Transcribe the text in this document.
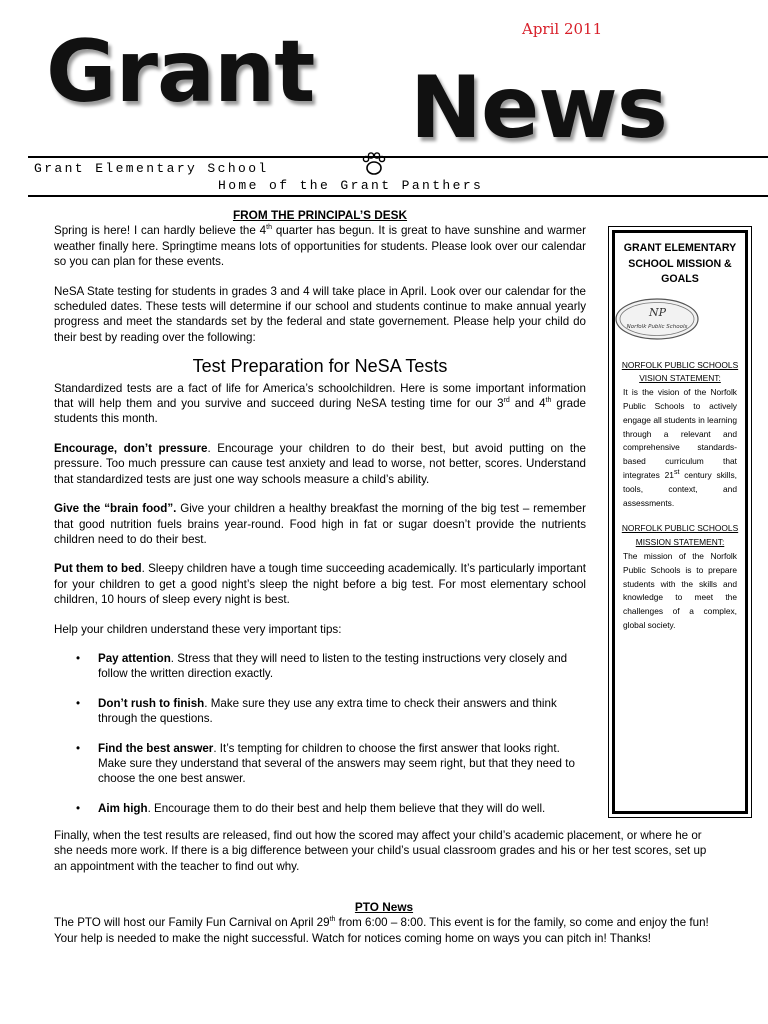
April 2011
Grant News
Grant Elementary School
Home of the Grant Panthers
FROM THE PRINCIPAL’S DESK

Spring is here! I can hardly believe the 4th quarter has begun. It is great to have sunshine and warmer weather finally here. Springtime means lots of opportunities for students. Please look over our calendar so you can plan for these events.

NeSA State testing for students in grades 3 and 4 will take place in April. Look over our calendar for the scheduled dates. These tests will determine if our school and students continue to make annual yearly progress and meet the standards set by the federal and state governement. Please help your child do their best by reading over the following:

Test Preparation for NeSA Tests

Standardized tests are a fact of life for America’s schoolchildren. Here is some important information that will help them and you survive and succeed during NeSA testing time for our 3rd and 4th grade students this month.

Encourage, don’t pressure. Encourage your children to do their best, but avoid putting on the pressure. Too much pressure can cause test anxiety and lead to worse, not better, scores. Understand that standardized tests are just one way schools measure a child’s ability.

Give the “brain food”. Give your children a healthy breakfast the morning of the big test – remember that good nutrition fuels brains year-round. Food high in fat or sugar doesn’t provide the nutrients children need to do their best.

Put them to bed. Sleepy children have a tough time succeeding academically. It’s particularly important for your children to get a good night’s sleep the night before a big test. For most elementary school children, 10 hours of sleep every night is best.

Help your children understand these very important tips:

• Pay attention. Stress that they will need to listen to the testing instructions very closely and follow the written direction exactly.
• Don’t rush to finish. Make sure they use any extra time to check their answers and think through the questions.
• Find the best answer. It’s tempting for children to choose the first answer that looks right. Make sure they understand that several of the answers may seem right, but that they need to choose the one best answer.
• Aim high. Encourage them to do their best and help them believe that they will do well.
Finally, when the test results are released, find out how the scored may affect your child’s academic placement, or where he or she needs more work. If there is a big difference between your child’s usual classroom grades and his or her test scores, set up an appointment with the teacher to find out why.
PTO News
The PTO will host our Family Fun Carnival on April 29th from 6:00 – 8:00. This event is for the family, so come and enjoy the fun! Your help is needed to make the night successful. Watch for notices coming home on ways you can pitch in! Thanks!
GRANT ELEMENTARY SCHOOL MISSION & GOALS
NP
Norfolk Public Schools
NORFOLK PUBLIC SCHOOLS VISION STATEMENT:
It is the vision of the Norfolk Public Schools to actively engage all students in learning through a relevant and comprehensive standards-based curriculum that integrates 21st century skills, tools, context, and assessments.
NORFOLK PUBLIC SCHOOLS MISSION STATEMENT:
The mission of the Norfolk Public Schools is to prepare students with the skills and knowledge to meet the challenges of a complex, global society.
